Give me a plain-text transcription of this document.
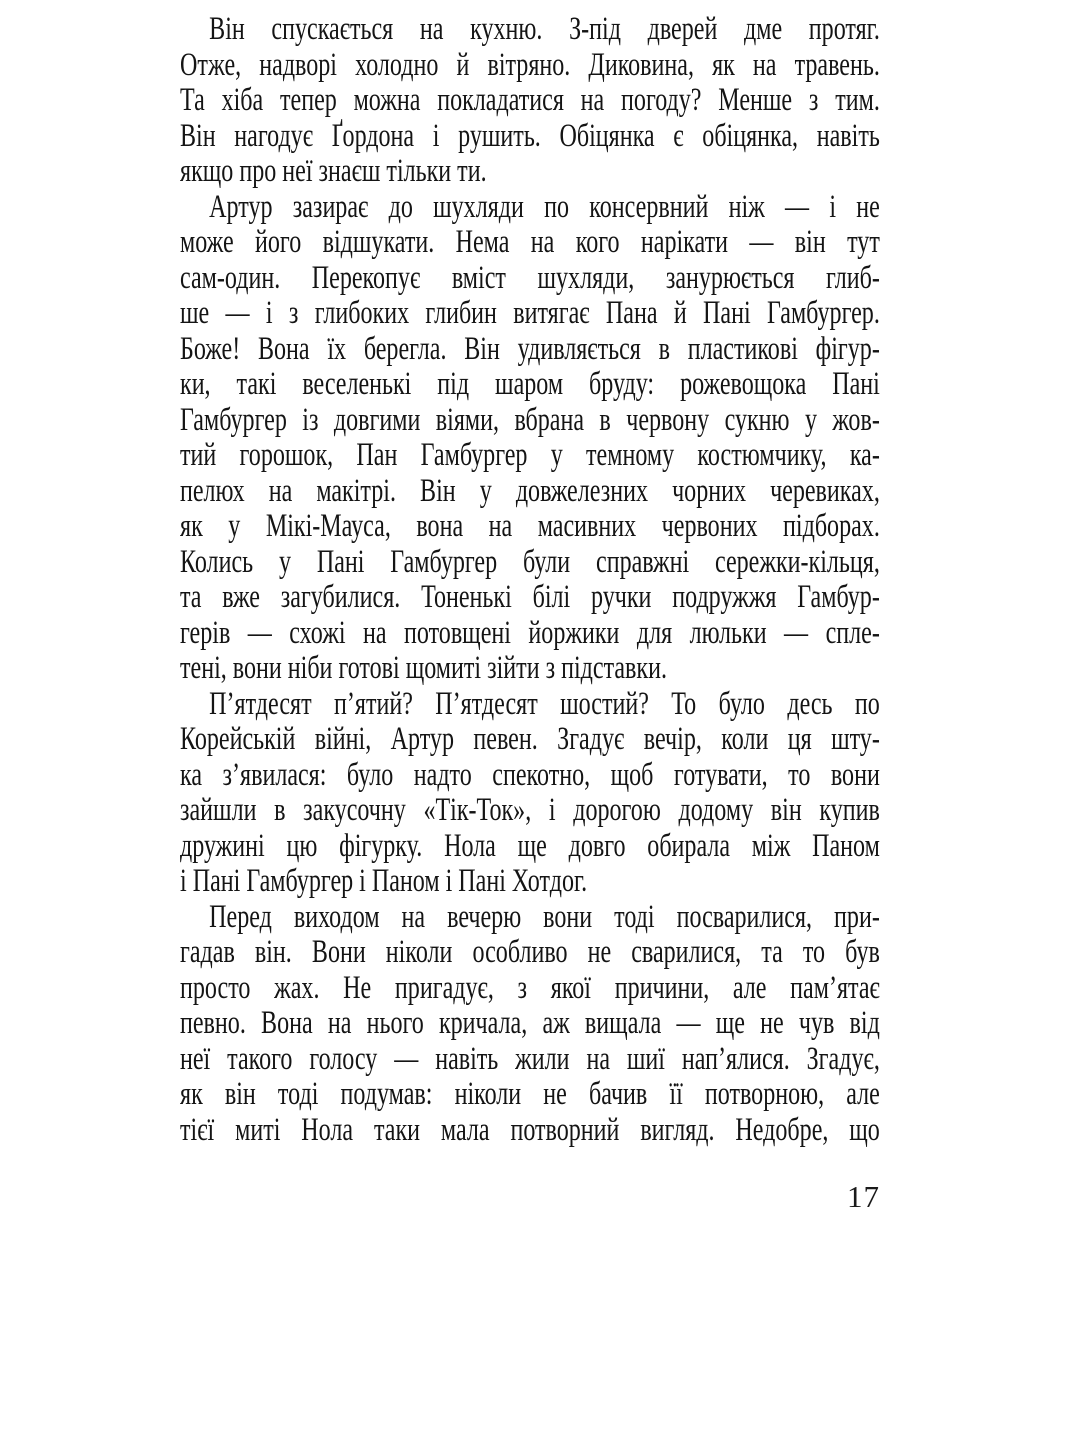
Він спускається на кухню. З-під дверей дме протяг.
Отже, надворі холодно й вітряно. Диковина, як на травень.
Та хіба тепер можна покладатися на погоду? Менше з тим.
Він нагодує Ґордона і рушить. Обіцянка є обіцянка, навіть
якщо про неї знаєш тільки ти.
Артур зазирає до шухляди по консервний ніж — і не
може його відшукати. Нема на кого нарікати — він тут
сам-один. Перекопує вміст шухляди, занурюється глиб-
ше — і з глибоких глибин витягає Пана й Пані Гамбургер.
Боже! Вона їх берегла. Він удивляється в пластикові фігур-
ки, такі веселенькі під шаром бруду: рожевощока Пані
Гамбургер із довгими віями, вбрана в червону сукню у жов-
тий горошок, Пан Гамбургер у темному костюмчику, ка-
пелюх на макітрі. Він у довжелезних чорних черевиках,
як у Мікі-Мауса, вона на масивних червоних підборах.
Колись у Пані Гамбургер були справжні сережки-кільця,
та вже загубилися. Тоненькі білі ручки подружжя Гамбур-
герів — схожі на потовщені йоржики для люльки — спле-
тені, вони ніби готові щомиті зійти з підставки.
П’ятдесят п’ятий? П’ятдесят шостий? То було десь по
Корейській війні, Артур певен. Згадує вечір, коли ця шту-
ка з’явилася: було надто спекотно, щоб готувати, то вони
зайшли в закусочну «Тік-Ток», і дорогою додому він купив
дружині цю фігурку. Нола ще довго обирала між Паном
і Пані Гамбургер і Паном і Пані Хотдог.
Перед виходом на вечерю вони тоді посварилися, при-
гадав він. Вони ніколи особливо не сварилися, та то був
просто жах. Не пригадує, з якої причини, але пам’ятає
певно. Вона на нього кричала, аж вищала — ще не чув від
неї такого голосу — навіть жили на шиї нап’ялися. Згадує,
як він тоді подумав: ніколи не бачив її потворною, але
тієї миті Нола таки мала потворний вигляд. Недобре, що
17
